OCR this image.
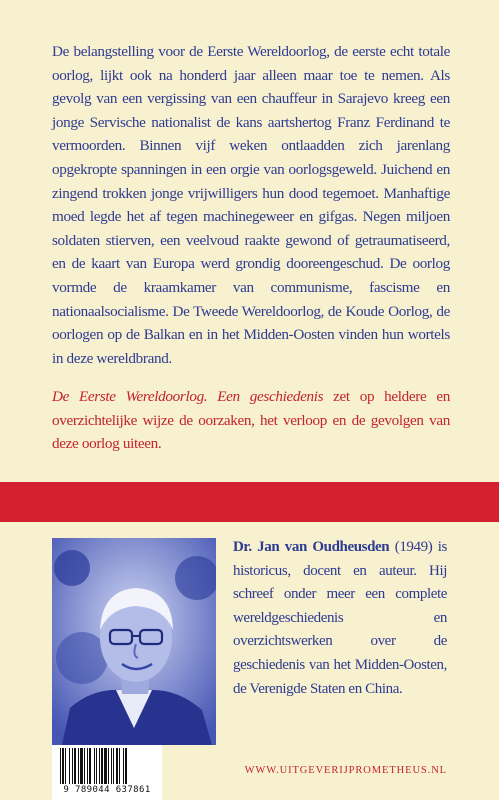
De belangstelling voor de Eerste Wereldoorlog, de eerste echt totale oorlog, lijkt ook na honderd jaar alleen maar toe te nemen. Als gevolg van een vergissing van een chauffeur in Sarajevo kreeg een jonge Servische nationalist de kans aartshertog Franz Ferdinand te vermoorden. Binnen vijf weken ontlaadden zich jarenlang opgekropte spanningen in een orgie van oorlogsgeweld. Juichend en zingend trokken jonge vrijwilligers hun dood tegemoet. Manhaftige moed legde het af tegen machinegeweer en gifgas. Negen miljoen soldaten stierven, een veelvoud raakte gewond of getraumatiseerd, en de kaart van Europa werd grondig dooreengeschud. De oorlog vormde de kraamkamer van communisme, fascisme en nationaalsocialisme. De Tweede Wereldoorlog, de Koude Oorlog, de oorlogen op de Balkan en in het Midden-Oosten vinden hun wortels in deze wereldbrand.

De Eerste Wereldoorlog. Een geschiedenis zet op heldere en overzichtelijke wijze de oorzaken, het verloop en de gevolgen van deze oorlog uiteen.

Dr. Jan van Oudheusden (1949) is historicus, docent en auteur. Hij schreef onder meer een complete wereldgeschiedenis en overzichtswerken over de geschiedenis van het Midden-Oosten, de Verenigde Staten en China.

9 789044 637861
WWW.UITGEVERIJPROMETHEUS.NL
